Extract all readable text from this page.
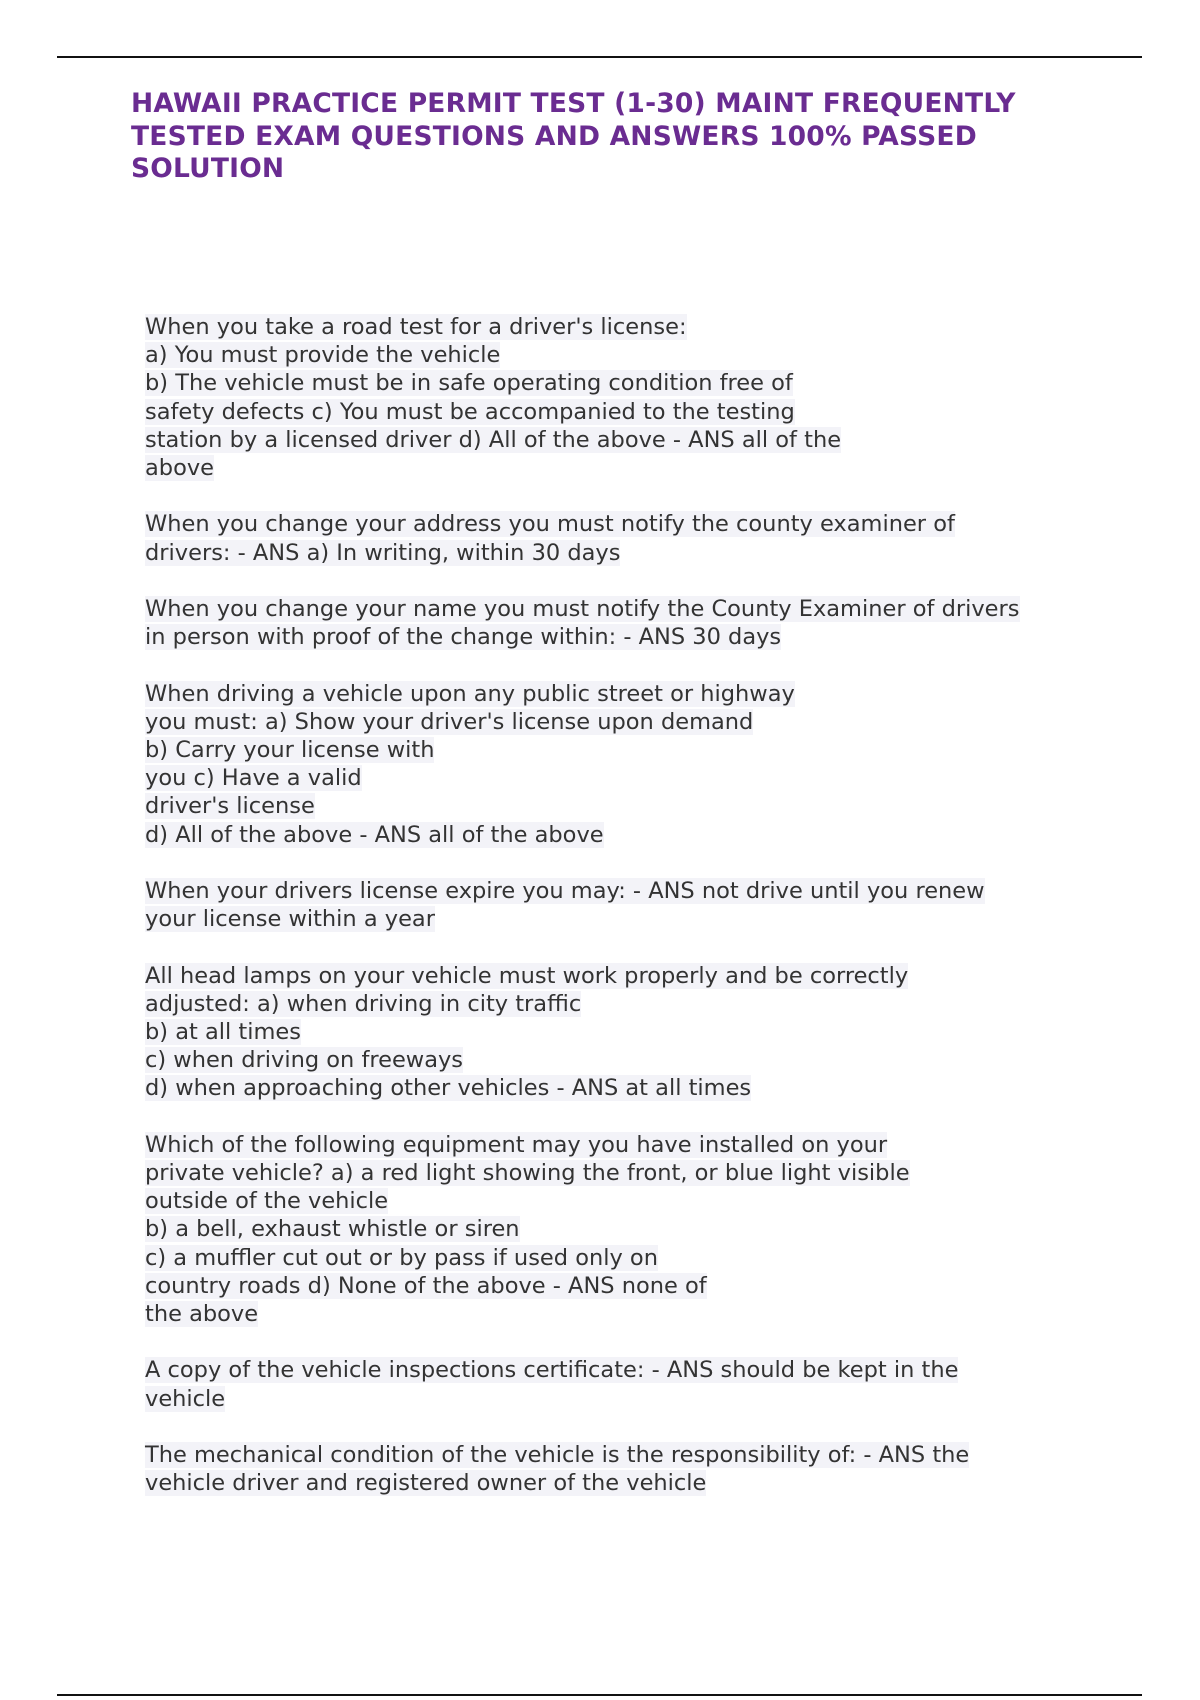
HAWAII PRACTICE PERMIT TEST (1-30) MAINT FREQUENTLY
TESTED EXAM QUESTIONS AND ANSWERS 100% PASSED
SOLUTION

When you take a road test for a driver's license:
a) You must provide the vehicle
b) The vehicle must be in safe operating condition free of
safety defects c) You must be accompanied to the testing
station by a licensed driver d) All of the above - ANS all of the
above

When you change your address you must notify the county examiner of
drivers: - ANS a) In writing, within 30 days

When you change your name you must notify the County Examiner of drivers
in person with proof of the change within: - ANS 30 days

When driving a vehicle upon any public street or highway
you must: a) Show your driver's license upon demand
b) Carry your license with
you c) Have a valid
driver's license
d) All of the above - ANS all of the above

When your drivers license expire you may: - ANS not drive until you renew
your license within a year

All head lamps on your vehicle must work properly and be correctly
adjusted: a) when driving in city traffic
b) at all times
c) when driving on freeways
d) when approaching other vehicles - ANS at all times

Which of the following equipment may you have installed on your
private vehicle? a) a red light showing the front, or blue light visible
outside of the vehicle
b) a bell, exhaust whistle or siren
c) a muffler cut out or by pass if used only on
country roads d) None of the above - ANS none of
the above

A copy of the vehicle inspections certificate: - ANS should be kept in the
vehicle

The mechanical condition of the vehicle is the responsibility of: - ANS the
vehicle driver and registered owner of the vehicle
